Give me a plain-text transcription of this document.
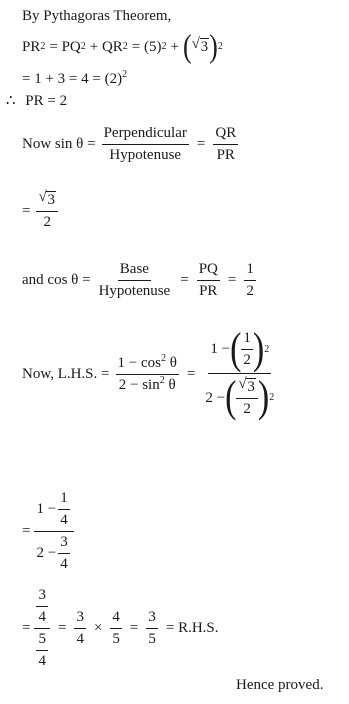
By Pythagoras Theorem,
PR 2 = PQ 2 + QR 2 = (5) 2 + ( √ 3 ) 2
= $1 + 3 = 4 = (2)^2$
∴ PR = 2
Now $\sin \theta = \frac{\text{Perpendicular}}{\text{Hypotenuse}} = \frac{QR}{PR}$
= $\frac{√ 3}{2}$
and $\cos \theta = \frac{\text{Base}}{\text{Hypotenuse}} = \frac{PQ}{PR} = \frac{1}{2}$
Now, L.H.S. = $\frac{1 - \cos^2 \theta}{2 - \sin^2 \theta} = \frac{1 - ( \frac{1}{2} ) 2}{2 - ( \frac{√ 3}{2} ) 2}$
= $\frac{1 - \frac{1}{4}}{2 - \frac{3}{4}}$
= $\frac{\frac{3}{4}}{\frac{5}{4}} = \frac{3}{4} \times \frac{4}{5} = \frac{3}{5} = R.H.S$.
Hence proved.
